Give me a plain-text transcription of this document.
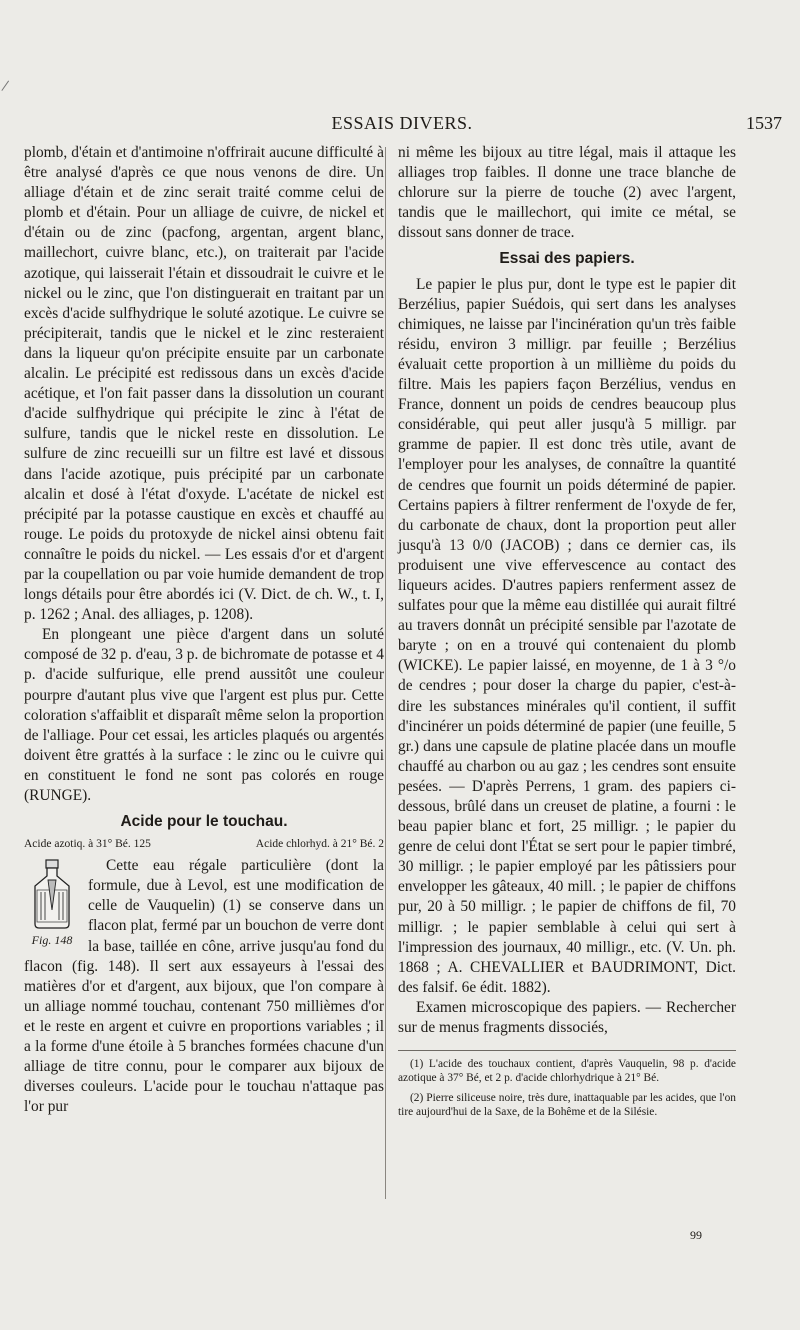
ESSAIS DIVERS.	1537

plomb, d'étain et d'antimoine n'offrirait aucune difficulté à être analysé d'après ce que nous venons de dire. Un alliage d'étain et de zinc serait traité comme celui de plomb et d'étain. Pour un alliage de cuivre, de nickel et d'étain ou de zinc (pacfong, argentan, argent blanc, maillechort, cuivre blanc, etc.), on traiterait par l'acide azotique, qui laisserait l'étain et dissoudrait le cuivre et le nickel ou le zinc, que l'on distinguerait en traitant par un excès d'acide sulfhydrique le soluté azotique. Le cuivre se précipiterait, tandis que le nickel et le zinc resteraient dans la liqueur qu'on précipite ensuite par un carbonate alcalin. Le précipité est redissous dans un excès d'acide acétique, et l'on fait passer dans la dissolution un courant d'acide sulfhydrique qui précipite le zinc à l'état de sulfure, tandis que le nickel reste en dissolution. Le sulfure de zinc recueilli sur un filtre est lavé et dissous dans l'acide azotique, puis précipité par un carbonate alcalin et dosé à l'état d'oxyde. L'acétate de nickel est précipité par la potasse caustique en excès et chauffé au rouge. Le poids du protoxyde de nickel ainsi obtenu fait connaître le poids du nickel. — Les essais d'or et d'argent par la coupellation ou par voie humide demandent de trop longs détails pour être abordés ici (V. Dict. de ch. W., t. I, p. 1262 ; Anal. des alliages, p. 1208).

En plongeant une pièce d'argent dans un soluté composé de 32 p. d'eau, 3 p. de bichromate de potasse et 4 p. d'acide sulfurique, elle prend aussitôt une couleur pourpre d'autant plus vive que l'argent est plus pur. Cette coloration s'affaiblit et disparaît même selon la proportion de l'alliage. Pour cet essai, les articles plaqués ou argentés doivent être grattés à la surface : le zinc ou le cuivre qui en constituent le fond ne sont pas colorés en rouge (RUNGE).

Acide pour le touchau.
Acide azotiq. à 31° Bé. 125	Acide chlorhyd. à 21° Bé. 2
Fig. 148

Cette eau régale particulière (dont la formule, due à Levol, est une modification de celle de Vauquelin) (1) se conserve dans un flacon plat, fermé par un bouchon de verre dont la base, taillée en cône, arrive jusqu'au fond du flacon (fig. 148). Il sert aux essayeurs à l'essai des matières d'or et d'argent, aux bijoux, que l'on compare à un alliage nommé touchau, contenant 750 millièmes d'or et le reste en argent et cuivre en proportions variables ; il a la forme d'une étoile à 5 branches formées chacune d'un alliage de titre connu, pour le comparer aux bijoux de diverses couleurs. L'acide pour le touchau n'attaque pas l'or pur

ni même les bijoux au titre légal, mais il attaque les alliages trop faibles. Il donne une trace blanche de chlorure sur la pierre de touche (2) avec l'argent, tandis que le maillechort, qui imite ce métal, se dissout sans donner de trace.

Essai des papiers.

Le papier le plus pur, dont le type est le papier dit Berzélius, papier Suédois, qui sert dans les analyses chimiques, ne laisse par l'incinération qu'un très faible résidu, environ 3 milligr. par feuille ; Berzélius évaluait cette proportion à un millième du poids du filtre. Mais les papiers façon Berzélius, vendus en France, donnent un poids de cendres beaucoup plus considérable, qui peut aller jusqu'à 5 milligr. par gramme de papier. Il est donc très utile, avant de l'employer pour les analyses, de connaître la quantité de cendres que fournit un poids déterminé de papier. Certains papiers à filtrer renferment de l'oxyde de fer, du carbonate de chaux, dont la proportion peut aller jusqu'à 13 0/0 (JACOB) ; dans ce dernier cas, ils produisent une vive effervescence au contact des liqueurs acides. D'autres papiers renferment assez de sulfates pour que la même eau distillée qui aurait filtré au travers donnât un précipité sensible par l'azotate de baryte ; on en a trouvé qui contenaient du plomb (WICKE). Le papier laissé, en moyenne, de 1 à 3 °/o de cendres ; pour doser la charge du papier, c'est-à-dire les substances minérales qu'il contient, il suffit d'incinérer un poids déterminé de papier (une feuille, 5 gr.) dans une capsule de platine placée dans un moufle chauffé au charbon ou au gaz ; les cendres sont ensuite pesées. — D'après Perrens, 1 gram. des papiers ci-dessous, brûlé dans un creuset de platine, a fourni : le beau papier blanc et fort, 25 milligr. ; le papier du genre de celui dont l'État se sert pour le papier timbré, 30 milligr. ; le papier employé par les pâtissiers pour envelopper les gâteaux, 40 mill. ; le papier de chiffons pur, 20 à 50 milligr. ; le papier de chiffons de fil, 70 milligr. ; le papier semblable à celui qui sert à l'impression des journaux, 40 milligr., etc. (V. Un. ph. 1868 ; A. CHEVALLIER et BAUDRIMONT, Dict. des falsif. 6e édit. 1882).

Examen microscopique des papiers. — Rechercher sur de menus fragments dissociés,

(1) L'acide des touchaux contient, d'après Vauquelin, 98 p. d'acide azotique à 37° Bé, et 2 p. d'acide chlorhydrique à 21° Bé.

(2) Pierre siliceuse noire, très dure, inattaquable par les acides, que l'on tire aujourd'hui de la Saxe, de la Bohême et de la Silésie.

99
